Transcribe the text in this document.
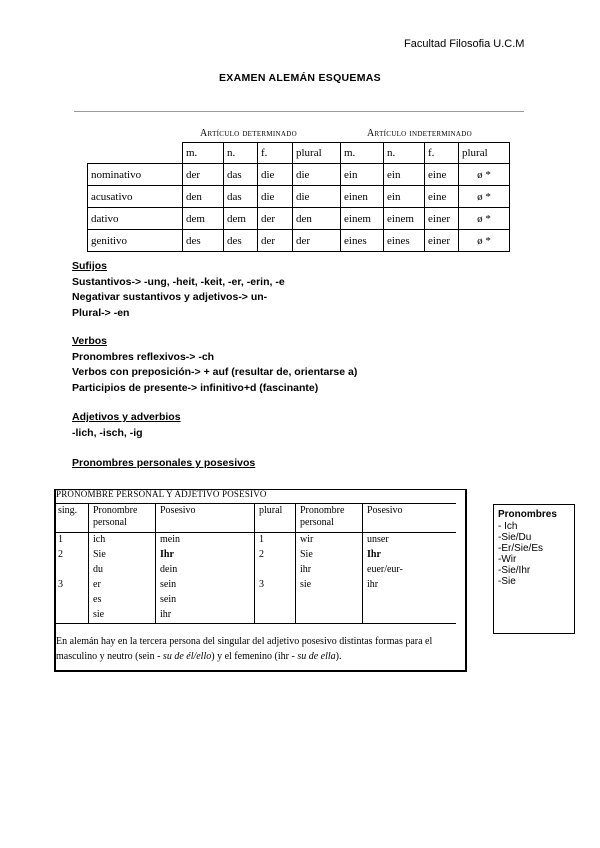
Facultad Filosofia U.C.M
EXAMEN ALEMÁN ESQUEMAS
Artículo determinado	Artículo indeterminado
	m.	n.	f.	plural	m.	n.	f.	plural
nominativo	der	das	die	die	ein	ein	eine	ø *
acusativo	den	das	die	die	einen	ein	eine	ø *
dativo	dem	dem	der	den	einem	einem	einer	ø *
genitivo	des	des	der	der	eines	eines	einer	ø *
Sufijos
Sustantivos-> -ung, -heit, -keit, -er, -erin, -e
Negativar sustantivos y adjetivos-> un-
Plural-> -en
Verbos
Pronombres reflexivos-> -ch
Verbos con preposición-> + auf (resultar de, orientarse a)
Participios de presente-> infinitivo+d (fascinante)
Adjetivos y adverbios
-lich, -isch, -ig
Pronombres personales y posesivos
PRONOMBRE PERSONAL Y ADJETIVO POSESIVO
sing.	Pronombre personal	Posesivo	plural	Pronombre personal	Posesivo
1	ich	mein	1	wir	unser
2	Sie	Ihr	2	Sie	Ihr
	du	dein		ihr	euer/eur-
3	er	sein	3	sie	ihr
	es	sein			
	sie	ihr			
En alemán hay en la tercera persona del singular del adjetivo posesivo distintas formas para el masculino y neutro (sein - su de él/ello) y el femenino (ihr - su de ella).
Pronombres
- Ich
-Sie/Du
-Er/Sie/Es
-Wir
-Sie/Ihr
-Sie
